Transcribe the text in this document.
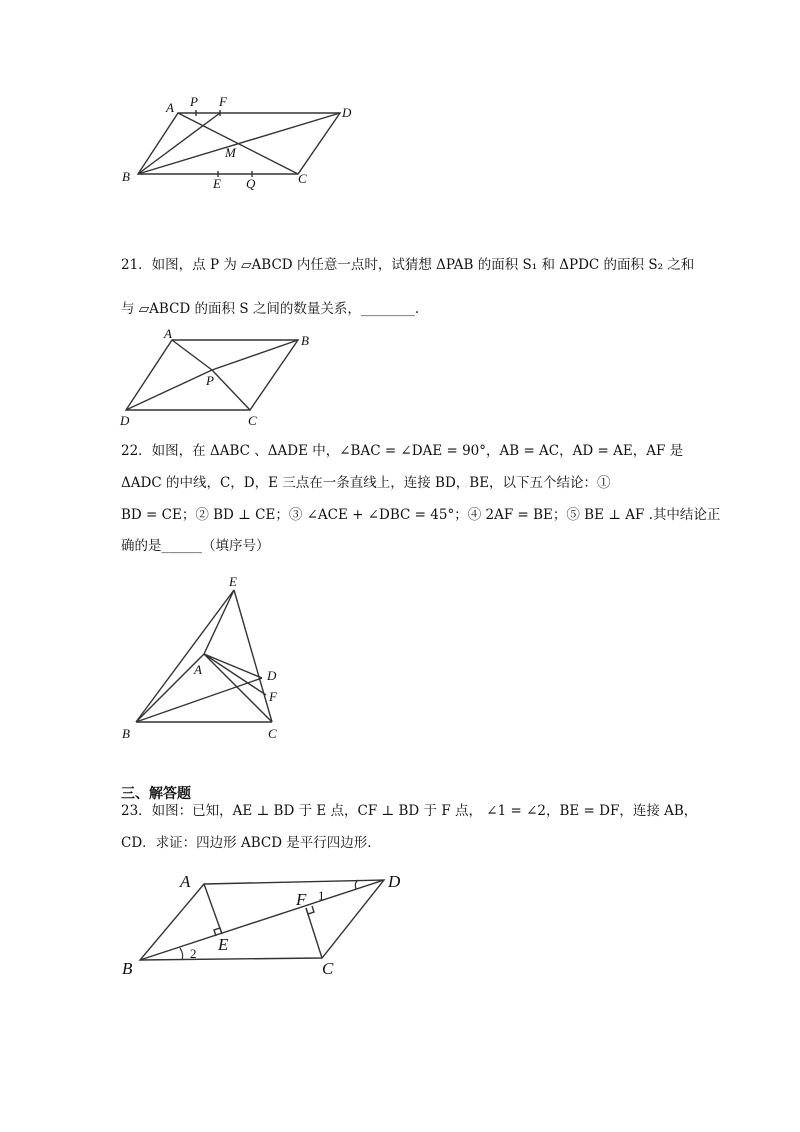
A P F
D
M
B	E Q	C
21．如图，点 P 为 ▱ABCD 内任意一点时，试猜想 ΔPAB 的面积 S₁ 和 ΔPDC 的面积 S₂ 之和
与 ▱ABCD 的面积 S 之间的数量关系，________.
A	B
P
D	C
22．如图，在 ΔABC 、ΔADE 中，∠BAC = ∠DAE = 90°，AB = AC，AD = AE，AF 是
ΔADC 的中线，C，D，E 三点在一条直线上，连接 BD，BE，以下五个结论：①
BD = CE；② BD ⊥ CE；③ ∠ACE + ∠DBC = 45°；④ 2AF = BE；⑤ BE ⊥ AF .其中结论正
确的是______（填序号）
E
A	D
F
B	C
三、解答题
23．如图：已知，AE ⊥ BD 于 E 点，CF ⊥ BD 于 F 点， ∠1 = ∠2，BE = DF，连接 AB，
CD．求证：四边形 ABCD 是平行四边形.
A	D
F 1
E
2
B	C
